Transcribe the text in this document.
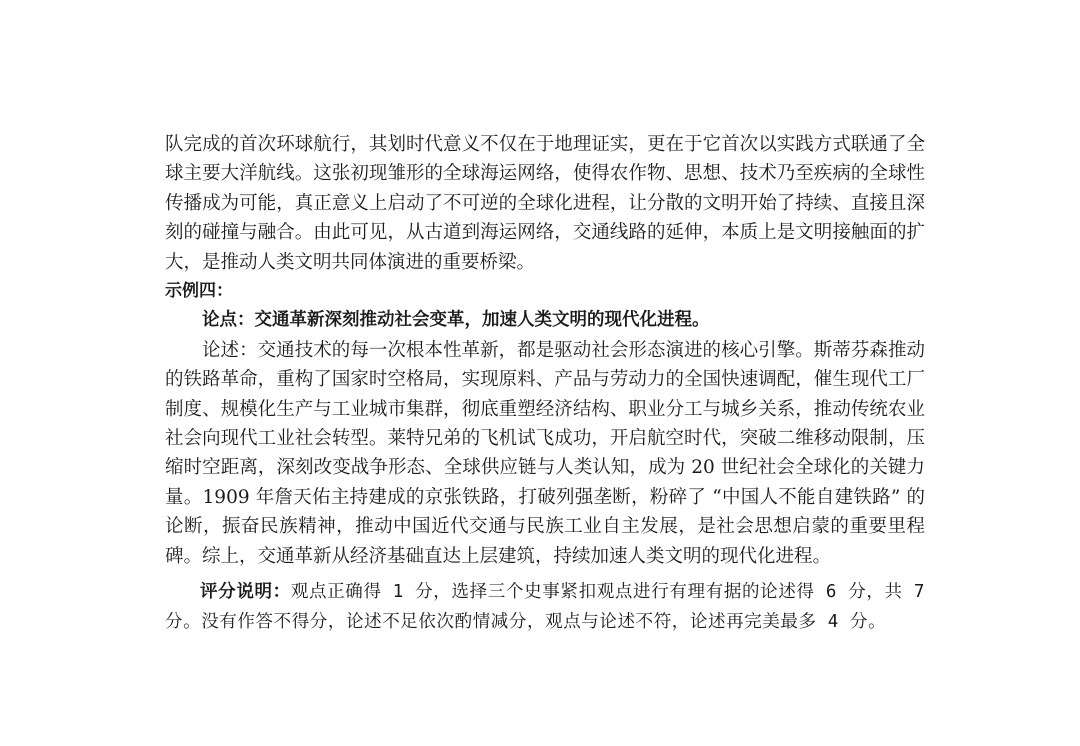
队完成的首次环球航行，其划时代意义不仅在于地理证实，更在于它首次以实践方式联通了全球主要大洋航线。这张初现雏形的全球海运网络，使得农作物、思想、技术乃至疾病的全球性传播成为可能，真正意义上启动了不可逆的全球化进程，让分散的文明开始了持续、直接且深刻的碰撞与融合。由此可见，从古道到海运网络，交通线路的延伸，本质上是文明接触面的扩大，是推动人类文明共同体演进的重要桥梁。

示例四：

论点：交通革新深刻推动社会变革，加速人类文明的现代化进程。

论述：交通技术的每一次根本性革新，都是驱动社会形态演进的核心引擎。斯蒂芬森推动的铁路革命，重构了国家时空格局，实现原料、产品与劳动力的全国快速调配，催生现代工厂制度、规模化生产与工业城市集群，彻底重塑经济结构、职业分工与城乡关系，推动传统农业社会向现代工业社会转型。莱特兄弟的飞机试飞成功，开启航空时代，突破二维移动限制，压缩时空距离，深刻改变战争形态、全球供应链与人类认知，成为 20 世纪社会全球化的关键力量。1909 年詹天佑主持建成的京张铁路，打破列强垄断，粉碎了 “中国人不能自建铁路” 的论断，振奋民族精神，推动中国近代交通与民族工业自主发展，是社会思想启蒙的重要里程碑。综上，交通革新从经济基础直达上层建筑，持续加速人类文明的现代化进程。

评分说明：观点正确得 1 分，选择三个史事紧扣观点进行有理有据的论述得 6 分，共 7 分。没有作答不得分，论述不足依次酌情减分，观点与论述不符，论述再完美最多 4 分。
